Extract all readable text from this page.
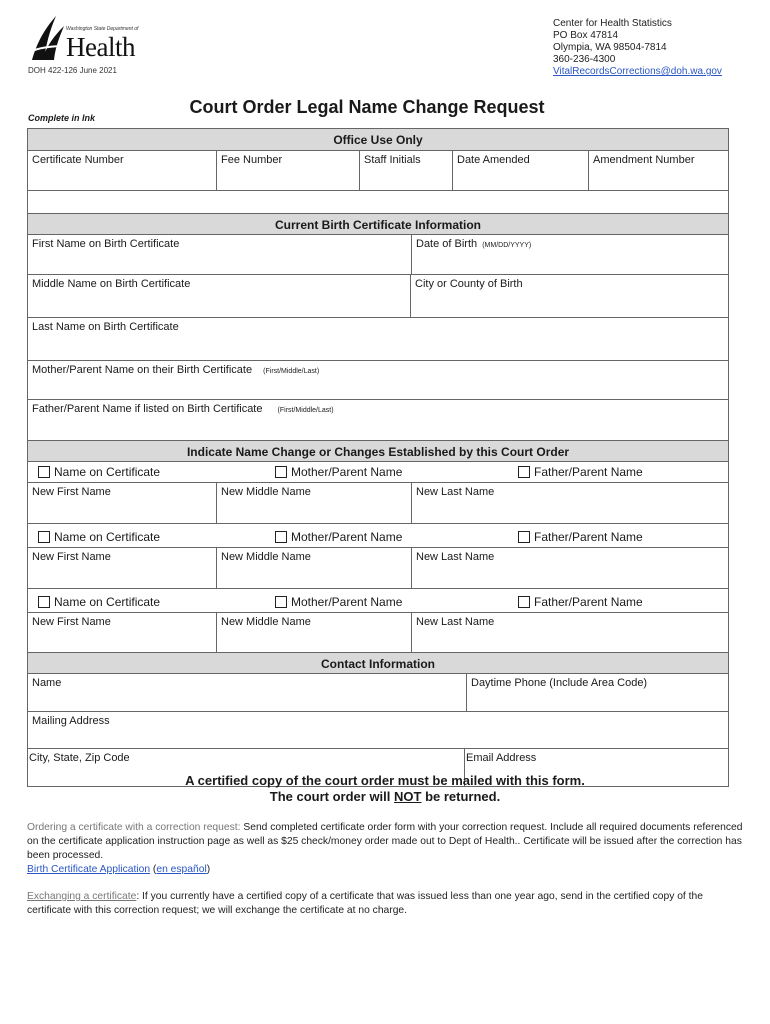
Washington State Department of
Health
DOH 422-126 June 2021
Center for Health Statistics
PO Box 47814
Olympia, WA 98504-7814
360-236-4300
VitalRecordsCorrections@doh.wa.gov
Complete in Ink
Court Order Legal Name Change Request
Office Use Only
Certificate Number	Fee Number	Staff Initials	Date Amended	Amendment Number
Current Birth Certificate Information
First Name on Birth Certificate	Date of Birth (MM/DD/YYYY)
Middle Name on Birth Certificate	City or County of Birth
Last Name on Birth Certificate
Mother/Parent Name on their Birth Certificate (First/Middle/Last)
Father/Parent Name if listed on Birth Certificate (First/Middle/Last)
Indicate Name Change or Changes Established by this Court Order
Name on Certificate	Mother/Parent Name	Father/Parent Name
New First Name	New Middle Name	New Last Name
Name on Certificate	Mother/Parent Name	Father/Parent Name
New First Name	New Middle Name	New Last Name
Name on Certificate	Mother/Parent Name	Father/Parent Name
New First Name	New Middle Name	New Last Name
Contact Information
Name	Daytime Phone (Include Area Code)
Mailing Address
City, State, Zip Code	Email Address
A certified copy of the court order must be mailed with this form.
The court order will NOT be returned.
Ordering a certificate with a correction request: Send completed certificate order form with your correction request. Include all required documents referenced on the certificate application instruction page as well as $25 check/money order made out to Dept of Health.. Certificate will be issued after the correction has been processed.
Birth Certificate Application (en español)
Exchanging a certificate: If you currently have a certified copy of a certificate that was issued less than one year ago, send in the certified copy of the certificate with this correction request; we will exchange the certificate at no charge.
